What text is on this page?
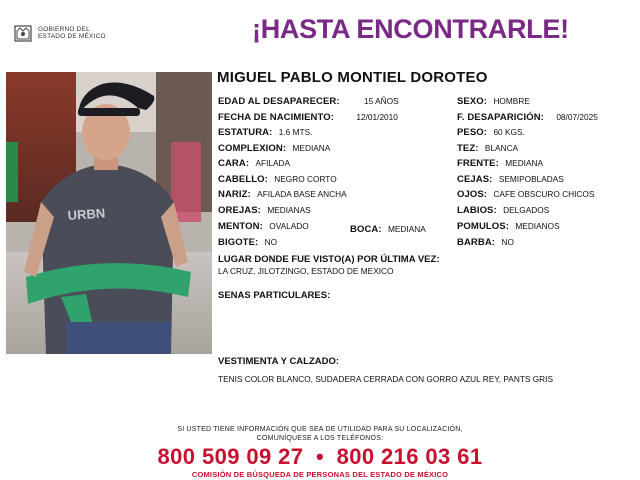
GOBIERNO DEL
ESTADO DE MÉXICO	¡HASTA ENCONTRARLE!
URBN
MIGUEL PABLO MONTIEL DOROTEO
EDAD AL DESAPARECER:	15 AÑOS
FECHA DE NACIMIENTO:	12/01/2010
ESTATURA: 1.6 MTS.
COMPLEXION: MEDIANA
CARA: AFILADA
CABELLO: NEGRO CORTO
NARIZ: AFILADA BASE ANCHA
OREJAS: MEDIANAS
MENTON: OVALADO	BOCA: MEDIANA
BIGOTE: NO
SEXO: HOMBRE
F. DESAPARICIÓN: 08/07/2025
PESO: 60 KGS.
TEZ: BLANCA
FRENTE: MEDIANA
CEJAS: SEMIPOBLADAS
OJOS: CAFE OBSCURO CHICOS
LABIOS: DELGADOS
POMULOS: MEDIANOS
BARBA: NO
LUGAR DONDE FUE VISTO(A) POR ÚLTIMA VEZ:
LA CRUZ, JILOTZINGO, ESTADO DE MEXICO
SENAS PARTICULARES:
VESTIMENTA Y CALZADO:
TENIS COLOR BLANCO, SUDADERA CERRADA CON GORRO AZUL REY, PANTS GRIS
SI USTED TIENE INFORMACIÓN QUE SEA DE UTILIDAD PARA SU LOCALIZACIÓN,
COMUNÍQUESE A LOS TELÉFONOS:
800 509 09 27 • 800 216 03 61
COMISIÓN DE BÚSQUEDA DE PERSONAS DEL ESTADO DE MÉXICO
